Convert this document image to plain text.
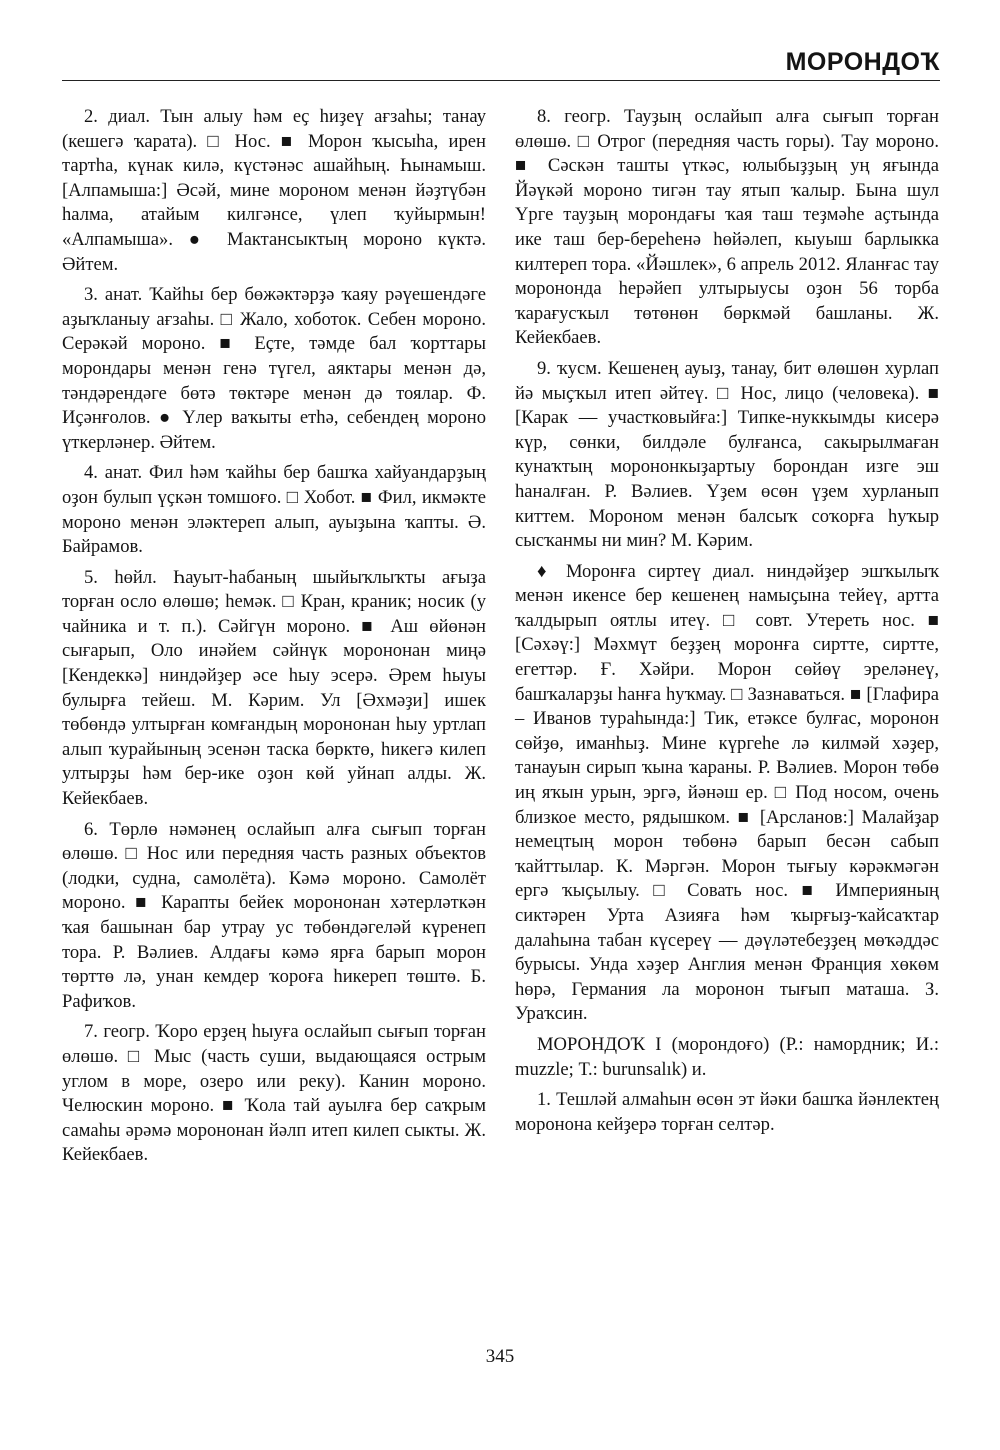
МОРОНДОҠ

2. диал. Тын алыу һәм еҫ һиҙеү ағзаһы; танау (кешегә ҡарата). □ Нос. ■ Морон ҡысыһа, ирен тартһа, күнак килә, күстәнәс ашайһың. Һынамыш. [Алпамыша:] Әсәй, мине мороном менән йәҙтүбән һалма, атайым килгәнсе, үлеп ҡуйырмын! «Алпамыша». ● Мактансыктың мороно күктә. Әйтем.

3. анат. Ҡайһы бер бөжәктәрҙә ҡаяу рәүешендәге аҙыҡланыу ағзаһы. □ Жало, хоботок. Себен мороно. Серәкәй мороно. ■ Еҫте, тәмде бал ҡорттары морондары менән генә түгел, аяктары менән дә, тәндәрендәге бөтә төктәре менән дә тоялар. Ф. Иҫәнғолов. ● Үлер ваҡыты етһә, себендең мороно үткерләнер. Әйтем.

4. анат. Фил һәм ҡайһы бер башҡа хайуандарҙың оҙон булып үҫкән томшоғо. □ Хобот. ■ Фил, икмәкте мороно менән эләктереп алып, ауыҙына ҡапты. Ә. Байрамов.

5. һөйл. Һауыт-һабаның шыйыҡлыҡты ағыҙа торған осло өлөшө; һемәк. □ Кран, краник; носик (у чайника и т. п.). Сәйгүн мороно. ■ Аш өйөнән сығарып, Оло инәйем сәйнүк морононан миңә [Кендеккә] ниндәйҙер әсе һыу эсерә. Әрем һыуы булырға тейеш. М. Кәрим. Ул [Әхмәҙи] ишек төбөндә ултырған комғандың морононан һыу уртлап алып ҡурайының эсенән таска бөрктө, һикегә килеп ултырҙы һәм бер-ике оҙон көй уйнап алды. Ж. Кейекбаев.

6. Төрлө нәмәнең ослайып алға сығып торған өлөшө. □ Нос или передняя часть разных объектов (лодки, судна, самолёта). Кәмә мороно. Самолёт мороно. ■ Карапты бейек морононан хәтерләткән ҡая башынан бар утрау ус төбөндәгеләй күренеп тора. Р. Вәлиев. Алдағы кәмә ярға барып морон төрттө лә, унан кемдер ҡороға һикереп төштө. Б. Рафиҡов.

7. геогр. Ҡоро ерҙең һыуға ослайып сығып торған өлөшө. □ Мыс (часть суши, выдающаяся острым углом в море, озеро или реку). Канин мороно. Челюскин мороно. ■ Ҡола тай ауылға бер саҡрым самаһы әрәмә морононан йәлп итеп килеп сыкты. Ж. Кейекбаев.

8. геогр. Тауҙың ослайып алға сығып торған өлөшө. □ Отрог (передняя часть горы). Тау мороно. ■ Сәскән ташты үткәс, юлыбыҙҙың уң яғында Йәүкәй мороно тигән тау ятып ҡалыр. Бына шул Үрге тауҙың морондағы ҡая таш теҙмәһе аҫтында ике таш бер-береһенә һөйәлеп, кыуыш барлыкка килтереп тора. «Йәшлек», 6 апрель 2012. Яланғас тау морононда һерәйеп ултырыусы оҙон 56 торба ҡарағусҡыл төтөнөн бөркмәй башланы. Ж. Кейекбаев.

9. ҡусм. Кешенең ауыҙ, танау, бит өлөшөн хурлап йә мыҫҡыл итеп әйтеү. □ Нос, лицо (человека). ■ [Карак — участковыйға:] Типке-нуккымды кисерә күр, сөнки, билдәле булғанса, сакырылмаған кунаҡтың морононкыҙартыу борондан изге эш һаналған. Р. Вәлиев. Үҙем өсөн үҙем хурланып киттем. Мороном менән балсыҡ соҡорға һуҡыр сысҡанмы ни мин? М. Кәрим.

♦ Моронға сиртеү диал. ниндәйҙер эшҡылыҡ менән икенсе бер кешенең намыҫына тейеү, артта ҡалдырып оятлы итеү. □ совт. Утереть нос. ■ [Сәхәү:] Мәхмүт беҙҙең моронға сиртте, сиртте, егеттәр. Ғ. Хәйри. Морон сөйөү эреләнеү, башҡаларҙы һанға һуҡмау. □ Зазнаваться. ■ [Глафира – Иванов тураһында:] Тик, етәксе булғас, моронон сөйҙө, иманһыҙ. Мине күргеһе лә килмәй хәҙер, танауын сирып ҡына ҡараны. Р. Вәлиев. Морон төбө иң яҡын урын, эргә, йәнәш ер. □ Под носом, очень близкое место, рядышком. ■ [Арсланов:] Малайҙар немецтың морон төбөнә барып бесән сабып ҡайттылар. К. Мәргән. Морон тығыу кәрәкмәгән ергә ҡыҫылыу. □ Совать нос. ■ Империяның сиктәрен Урта Азияға һәм ҡырғыҙ-ҡайсаҡтар далаһына табан күсереү — дәүләтебеҙҙең мөҡәддәс бурысы. Унда хәҙер Англия менән Франция хөкөм һөрә, Германия ла моронон тығып маташа. З. Ураҡсин.

МОРОНДОҠ I (морондоғо) (Р.: намордник; И.: muzzle; Т.: burunsalık) и.

1. Тешләй алмаһын өсөн эт йәки башҡа йәнлектең моронона кейҙерә торған селтәр.

345
